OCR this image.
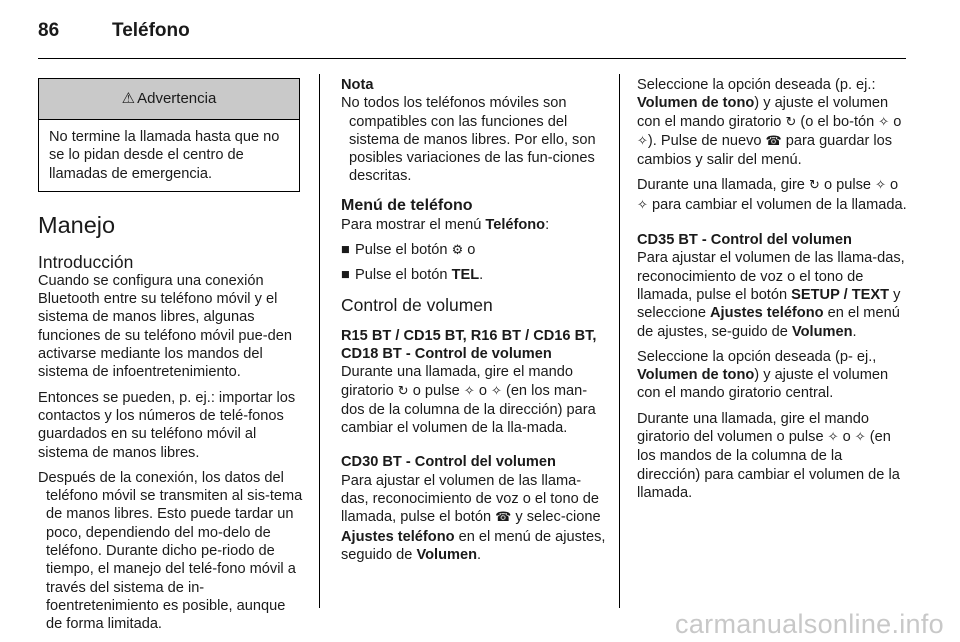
86	Teléfono
⚠ Advertencia
No termine la llamada hasta que no se lo pidan desde el centro de llamadas de emergencia.
Manejo
Introducción

Cuando se configura una conexión Bluetooth entre su teléfono móvil y el sistema de manos libres, algunas funciones de su teléfono móvil pue-den activarse mediante los mandos del sistema de infoentretenimiento.

Entonces se pueden, p. ej.: importar los contactos y los números de telé-fonos guardados en su teléfono móvil al sistema de manos libres.

Después de la conexión, los datos del teléfono móvil se transmiten al sis-tema de manos libres. Esto puede tardar un poco, dependiendo del mo-delo de teléfono. Durante dicho pe-riodo de tiempo, el manejo del telé-fono móvil a través del sistema de in-foentretenimiento es posible, aunque de forma limitada.

Nota

No todos los teléfonos móviles son compatibles con las funciones del sistema de manos libres. Por ello, son posibles variaciones de las fun-ciones descritas.

Menú de teléfono

Para mostrar el menú Teléfono:

■ Pulse el botón ⚙ o
■ Pulse el botón TEL.
Control de volumen
R15 BT / CD15 BT, R16 BT / CD16 BT, CD18 BT - Control de volumen

Durante una llamada, gire el mando giratorio ↻ o pulse ✧ o ✧ (en los man-dos de la columna de la dirección) para cambiar el volumen de la lla-mada.

CD30 BT - Control del volumen

Para ajustar el volumen de las llama-das, reconocimiento de voz o el tono de llamada, pulse el botón ☎ y selec-cione Ajustes teléfono en el menú de ajustes, seguido de Volumen.

Seleccione la opción deseada (p. ej.: Volumen de tono) y ajuste el volumen con el mando giratorio ↻ (o el bo-tón ✧ o ✧). Pulse de nuevo ☎ para guardar los cambios y salir del menú.

Durante una llamada, gire ↻ o pulse ✧ o ✧ para cambiar el volumen de la llamada.

CD35 BT - Control del volumen

Para ajustar el volumen de las llama-das, reconocimiento de voz o el tono de llamada, pulse el botón SETUP / TEXT y seleccione Ajustes teléfono en el menú de ajustes, se-guido de Volumen.

Seleccione la opción deseada (p- ej., Volumen de tono) y ajuste el volumen con el mando giratorio central.

Durante una llamada, gire el mando giratorio del volumen o pulse ✧ o ✧ (en los mandos de la columna de la dirección) para cambiar el volumen de la llamada.

carmanualsonline.info
